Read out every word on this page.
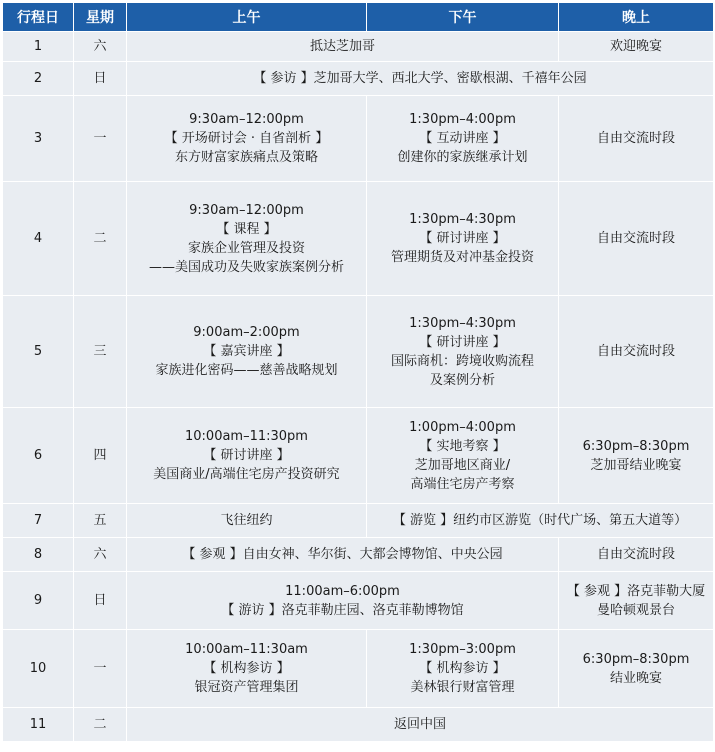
行程日	星期	上午	下午	晚上
1	六	抵达芝加哥		欢迎晚宴

2	日	【 参访 】芝加哥大学、西北大学、密歇根湖、千禧年公园		

3	一	9:30am–12:00pm
【 开场研讨会 · 自省剖析 】
东方财富家族痛点及策略	1:30pm–4:00pm
【 互动讲座 】
创建你的家族继承计划	自由交流时段

4	二	9:30am–12:00pm
【 课程 】
家族企业管理及投资
——美国成功及失败家族案例分析	1:30pm–4:30pm
【 研讨讲座 】
管理期货及对冲基金投资	自由交流时段

5	三	9:00am–2:00pm
【 嘉宾讲座 】
家族进化密码——慈善战略规划	1:30pm–4:30pm
【 研讨讲座 】
国际商机：跨境收购流程
及案例分析	自由交流时段

6	四	10:00am–11:30pm
【 研讨讲座 】
美国商业/高端住宅房产投资研究	1:00pm–4:00pm
【 实地考察 】
芝加哥地区商业/
高端住宅房产考察	6:30pm–8:30pm
芝加哥结业晚宴

7	五	飞往纽约	【 游览 】纽约市区游览（时代广场、第五大道等）	

8	六	【 参观 】自由女神、华尔街、大都会博物馆、中央公园		自由交流时段

9	日	11:00am–6:00pm
【 游访 】洛克菲勒庄园、洛克菲勒博物馆		【 参观 】洛克菲勒大厦
曼哈顿观景台

10	一	10:00am–11:30am
【 机构参访 】
银冠资产管理集团	1:30pm–3:00pm
【 机构参访 】
美林银行财富管理	6:30pm–8:30pm
结业晚宴

11	二	返回中国		
